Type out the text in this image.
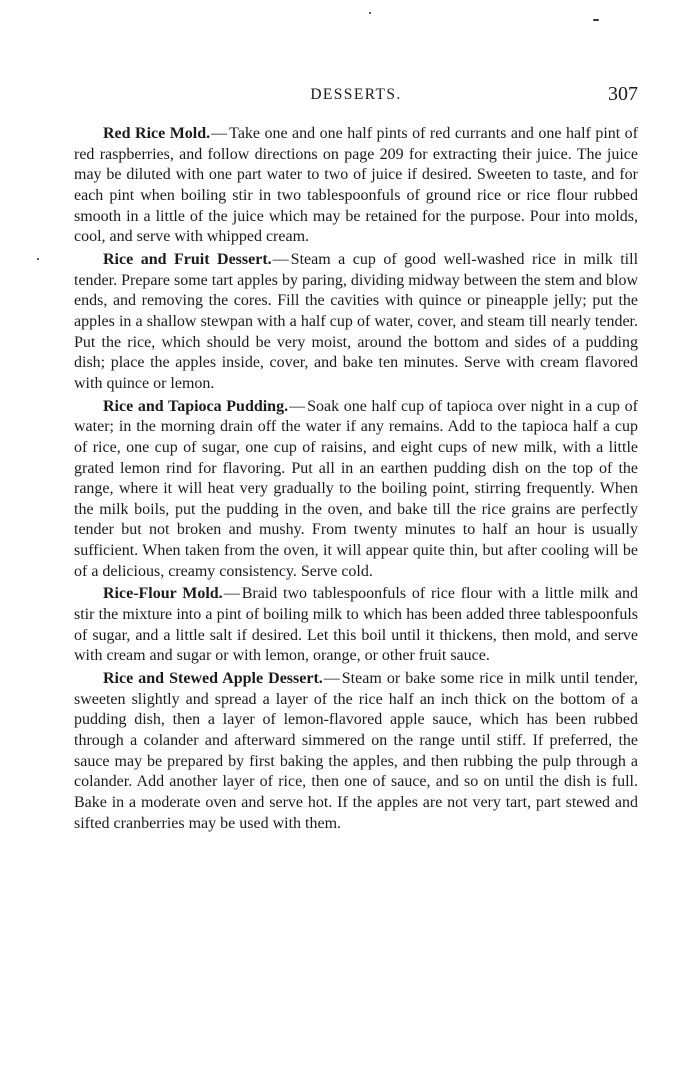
DESSERTS.	307

Red Rice Mold.— Take one and one half pints of red currants and one half pint of red raspberries, and follow directions on page 209 for extracting their juice. The juice may be diluted with one part water to two of juice if desired. Sweeten to taste, and for each pint when boiling stir in two tablespoonfuls of ground rice or rice flour rubbed smooth in a little of the juice which may be retained for the purpose. Pour into molds, cool, and serve with whipped cream.

Rice and Fruit Dessert.— Steam a cup of good well-washed rice in milk till tender. Prepare some tart apples by paring, dividing midway between the stem and blow ends, and removing the cores. Fill the cavities with quince or pineapple jelly; put the apples in a shallow stewpan with a half cup of water, cover, and steam till nearly tender. Put the rice, which should be very moist, around the bottom and sides of a pudding dish; place the apples inside, cover, and bake ten minutes. Serve with cream flavored with quince or lemon.

Rice and Tapioca Pudding.— Soak one half cup of tapioca over night in a cup of water; in the morning drain off the water if any remains. Add to the tapioca half a cup of rice, one cup of sugar, one cup of raisins, and eight cups of new milk, with a little grated lemon rind for flavoring. Put all in an earthen pudding dish on the top of the range, where it will heat very gradually to the boiling point, stirring frequently. When the milk boils, put the pudding in the oven, and bake till the rice grains are perfectly tender but not broken and mushy. From twenty minutes to half an hour is usually sufficient. When taken from the oven, it will appear quite thin, but after cooling will be of a delicious, creamy consistency. Serve cold.

Rice-Flour Mold.— Braid two tablespoonfuls of rice flour with a little milk and stir the mixture into a pint of boiling milk to which has been added three tablespoonfuls of sugar, and a little salt if desired. Let this boil until it thickens, then mold, and serve with cream and sugar or with lemon, orange, or other fruit sauce.

Rice and Stewed Apple Dessert.— Steam or bake some rice in milk until tender, sweeten slightly and spread a layer of the rice half an inch thick on the bottom of a pudding dish, then a layer of lemon-flavored apple sauce, which has been rubbed through a colander and afterward simmered on the range until stiff. If preferred, the sauce may be prepared by first baking the apples, and then rubbing the pulp through a colander. Add another layer of rice, then one of sauce, and so on until the dish is full. Bake in a moderate oven and serve hot. If the apples are not very tart, part stewed and sifted cranberries may be used with them.
